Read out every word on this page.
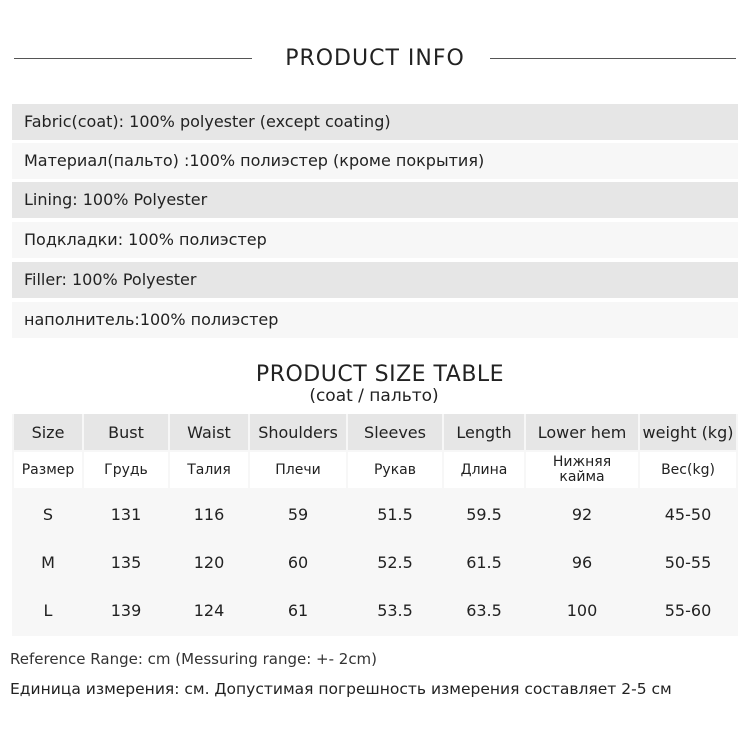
PRODUCT INFO
Fabric(coat): 100% polyester (except coating)
Материал(пальто) :100% полиэстер (кроме покрытия)
Lining: 100% Polyester
Подкладки: 100% полиэстер
Filler: 100% Polyester
наполнитель:100% полиэстер
PRODUCT SIZE TABLE
(coat / пальто)
Size	Bust	Waist	Shoulders	Sleeves	Length	Lower hem	weight (kg)
Размер	Грудь	Талия	Плечи	Рукав	Длина	Нижняя кайма	Вес(kg)
S	131	116	59	51.5	59.5	92	45-50
M	135	120	60	52.5	61.5	96	50-55
L	139	124	61	53.5	63.5	100	55-60
Reference Range: cm (Messuring range: +- 2cm)
Единица измерения: см. Допустимая погрешность измерения составляет 2-5 см
